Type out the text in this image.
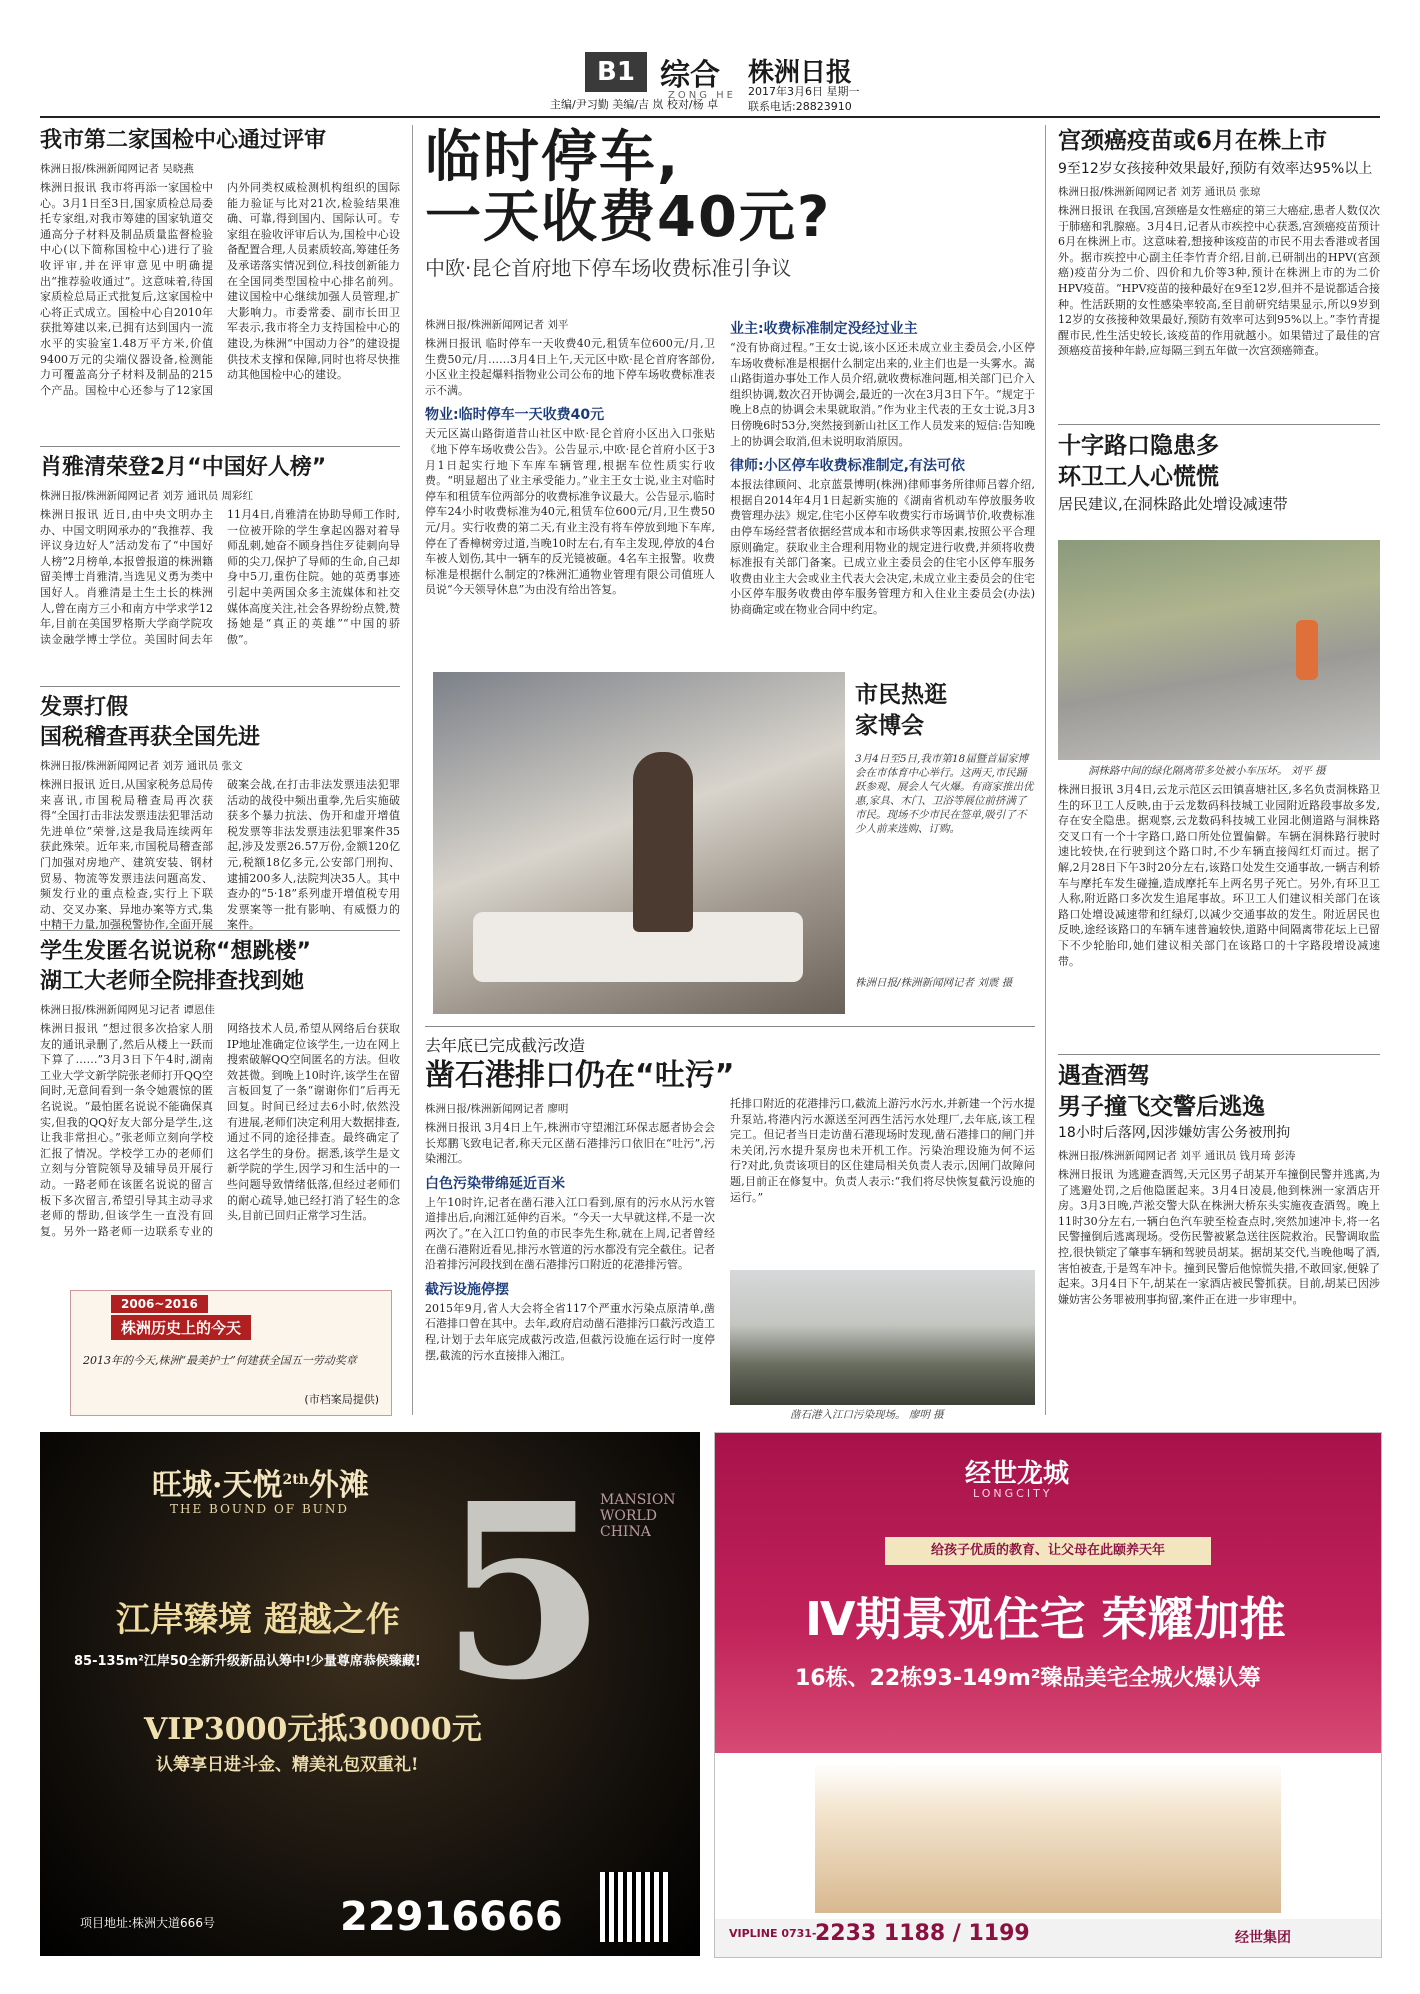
B1 综合
ZONG HE
株洲日报
2017年3月6日 星期一
联系电话:28823910
主编/尹习勤 美编/吉 岚 校对/杨 卓
我市第二家国检中心通过评审
株洲日报/株洲新闻网记者 吴晓燕
株洲日报讯 我市将再添一家国检中心。3月1日至3日,国家质检总局委托专家组,对我市筹建的国家轨道交通高分子材料及制品质量监督检验中心(以下简称国检中心)进行了验收评审,并在评审意见中明确提出“推荐验收通过”。这意味着,待国家质检总局正式批复后,这家国检中心将正式成立。国检中心自2010年获批筹建以来,已拥有达到国内一流水平的实验室1.48万平方米,价值9400万元的尖端仪器设备,检测能力可覆盖高分子材料及制品的215个产品。国检中心还参与了12家国内外同类权威检测机构组织的国际能力验证与比对21次,检验结果准确、可靠,得到国内、国际认可。专家组在验收评审后认为,国检中心设备配置合理,人员素质较高,筹建任务及承诺落实情况到位,科技创新能力在全国同类型国检中心排名前列。建议国检中心继续加强人员管理,扩大影响力。市委常委、副市长田卫军表示,我市将全力支持国检中心的建设,为株洲“中国动力谷”的建设提供技术支撑和保障,同时也将尽快推动其他国检中心的建设。
肖雅清荣登2月“中国好人榜”
株洲日报/株洲新闻网记者 刘芳 通讯员 周彩红
株洲日报讯 近日,由中央文明办主办、中国文明网承办的“我推荐、我评议身边好人”活动发布了“中国好人榜”2月榜单,本报曾报道的株洲籍留美博士肖雅清,当选见义勇为类中国好人。肖雅清是土生土长的株洲人,曾在南方三小和南方中学求学12年,目前在美国罗格斯大学商学院攻读金融学博士学位。美国时间去年11月4日,肖雅清在协助导师工作时,一位被开除的学生拿起凶器对着导师乱刺,她奋不顾身挡住歹徒刺向导师的尖刀,保护了导师的生命,自己却身中5刀,重伤住院。她的英勇事迹引起中美两国众多主流媒体和社交媒体高度关注,社会各界纷纷点赞,赞扬她是“真正的英雄”“中国的骄傲”。
发票打假
国税稽查再获全国先进
株洲日报/株洲新闻网记者 刘芳 通讯员 张文
株洲日报讯 近日,从国家税务总局传来喜讯,市国税局稽查局再次获得“全国打击非法发票违法犯罪活动先进单位”荣誉,这是我局连续两年获此殊荣。近年来,市国税局稽查部门加强对房地产、建筑安装、钢材贸易、物流等发票违法问题高发、频发行业的重点检查,实行上下联动、交叉办案、异地办案等方式,集中精干力量,加强税警协作,全面开展破案会战,在打击非法发票违法犯罪活动的战役中频出重拳,先后实施破获多个暴力抗法、伪开和虚开增值税发票等非法发票违法犯罪案件35起,涉及发票26.57万份,金额120亿元,税额18亿多元,公安部门刑拘、逮捕200多人,法院判决35人。其中查办的“5·18”系列虚开增值税专用发票案等一批有影响、有威慑力的案件。
学生发匿名说说称“想跳楼”
湖工大老师全院排查找到她
株洲日报/株洲新闻网见习记者 谭恩佳
株洲日报讯 “想过很多次拾家人朋友的通讯录删了,然后从楼上一跃而下算了……”3月3日下午4时,湖南工业大学文新学院张老师打开QQ空间时,无意间看到一条令她震惊的匿名说说。“最怕匿名说说不能确保真实,但我的QQ好友大部分是学生,这让我非常担心。”张老师立刻向学校汇报了情况。学校学工办的老师们立刻与分管院领导及辅导员开展行动。一路老师在该匿名说说的留言板下多次留言,希望引导其主动寻求老师的帮助,但该学生一直没有回复。另外一路老师一边联系专业的网络技术人员,希望从网络后台获取IP地址准确定位该学生,一边在网上搜索破解QQ空间匿名的方法。但收效甚微。到晚上10时许,该学生在留言板回复了一条“谢谢你们”后再无回复。时间已经过去6小时,依然没有进展,老师们决定利用大数据排查,通过不同的途径排查。最终确定了这名学生的身份。据悉,该学生是文新学院的学生,因学习和生活中的一些问题导致情绪低落,但经过老师们的耐心疏导,她已经打消了轻生的念头,目前已回归正常学习生活。
2006~2016
株洲历史上的今天
2013年的今天,株洲“最美护士”何建获全国五一劳动奖章
(市档案局提供)
临时停车,
一天收费40元?
中欧·昆仑首府地下停车场收费标准引争议
株洲日报/株洲新闻网记者 刘平
株洲日报讯 临时停车一天收费40元,租赁车位600元/月,卫生费50元/月……3月4日上午,天元区中欧·昆仑首府客部份,小区业主投起爆料指物业公司公布的地下停车场收费标准表示不满。
物业:临时停车一天收费40元
天元区嵩山路街道昔山社区中欧·昆仑首府小区出入口张贴《地下停车场收费公告》。公告显示,中欧·昆仑首府小区于3月1日起实行地下车库车辆管理,根据车位性质实行收费。“明显超出了业主承受能力。”业主王女士说,业主对临时停车和租赁车位两部分的收费标准争议最大。公告显示,临时停车24小时收费标准为40元,租赁车位600元/月,卫生费50元/月。实行收费的第二天,有业主没有将车停放到地下车库,停在了香樟树旁过道,当晚10时左右,有车主发现,停放的4台车被人划伤,其中一辆车的反光镜被砸。4名车主报警。收费标准是根据什么制定的?株洲汇通物业管理有限公司值班人员说“今天领导休息”为由没有给出答复。
业主:收费标准制定没经过业主
“没有协商过程。”王女士说,该小区还未成立业主委员会,小区停车场收费标准是根据什么制定出来的,业主们也是一头雾水。嵩山路街道办事处工作人员介绍,就收费标准问题,相关部门已介入组织协调,数次召开协调会,最近的一次在3月3日下午。“规定于晚上8点的协调会未果就取消。”作为业主代表的王女士说,3月3日傍晚6时53分,突然接到新山社区工作人员发来的短信:告知晚上的协调会取消,但未说明取消原因。
律师:小区停车收费标准制定,有法可依
本报法律顾问、北京蓝景博明(株洲)律师事务所律师吕蓉介绍,根据自2014年4月1日起新实施的《湖南省机动车停放服务收费管理办法》规定,住宅小区停车收费实行市场调节价,收费标准由停车场经营者依据经营成本和市场供求等因素,按照公平合理原则确定。获取业主合理利用物业的规定进行收费,并须将收费标准报有关部门备案。已成立业主委员会的住宅小区停车服务收费由业主大会或业主代表大会决定,未成立业主委员会的住宅小区停车服务收费由停车服务管理方和入住业主委员会(办法)协商确定或在物业合同中约定。
市民热逛
家博会
3月4日至5日,我市第18届暨首届家博会在市体育中心举行。这两天,市民踊跃参观、展会人气火爆。有商家推出优惠,家具、木门、卫浴等展位前挤满了市民。现场不少市民在签单,吸引了不少人前来选购、订购。
株洲日报/株洲新闻网记者 刘震 摄
去年底已完成截污改造
凿石港排口仍在“吐污”
株洲日报/株洲新闻网记者 廖明
株洲日报讯 3月4日上午,株洲市守望湘江环保志愿者协会会长郑鹏飞致电记者,称天元区凿石港排污口依旧在“吐污”,污染湘江。
白色污染带绵延近百米
上午10时许,记者在凿石港入江口看到,原有的污水从污水管道排出后,向湘江延伸约百米。“今天一大早就这样,不是一次两次了。”在入江口钓鱼的市民李先生称,就在上周,记者曾经在凿石港附近看见,排污水管道的污水都没有完全截住。记者沿着排污河段找到在凿石港排污口附近的花港排污管。
截污设施停摆
2015年9月,省人大会将全省117个严重水污染点原清单,凿石港排口曾在其中。去年,政府启动凿石港排污口截污改造工程,计划于去年底完成截污改造,但截污设施在运行时一度停摆,截流的污水直接排入湘江。
托排口附近的花港排污口,截流上游污水污水,并新建一个污水提升泵站,将港内污水源送至河西生活污水处理厂,去年底,该工程完工。但记者当日走访凿石港现场时发现,凿石港排口的闸门并未关闭,污水提升泵房也未开机工作。污染治理设施为何不运行?对此,负责该项目的区住建局相关负责人表示,因闸门故障问题,目前正在修复中。负责人表示:“我们将尽快恢复截污设施的运行。”
凿石港入江口污染现场。 廖明 摄
宫颈癌疫苗或6月在株上市
9至12岁女孩接种效果最好,预防有效率达95%以上
株洲日报/株洲新闻网记者 刘芳 通讯员 张琼
株洲日报讯 在我国,宫颈癌是女性癌症的第三大癌症,患者人数仅次于肺癌和乳腺癌。3月4日,记者从市疾控中心获悉,宫颈癌疫苗预计6月在株洲上市。这意味着,想接种该疫苗的市民不用去香港或者国外。据市疾控中心副主任李竹青介绍,目前,已研制出的HPV(宫颈癌)疫苗分为二价、四价和九价等3种,预计在株洲上市的为二价HPV疫苗。“HPV疫苗的接种最好在9至12岁,但并不是说都适合接种。性活跃期的女性感染率较高,至目前研究结果显示,所以9岁到12岁的女孩接种效果最好,预防有效率可达到95%以上。”李竹青提醒市民,性生活史较长,该疫苗的作用就越小。如果错过了最佳的宫颈癌疫苗接种年龄,应每隔三到五年做一次宫颈癌筛查。
十字路口隐患多
环卫工人心慌慌
居民建议,在洞株路此处增设减速带
洞株路中间的绿化隔离带多处被小车压坏。 刘平 摄
株洲日报讯 3月4日,云龙示范区云田镇喜塘社区,多名负责洞株路卫生的环卫工人反映,由于云龙数码科技城工业园附近路段事故多发,存在安全隐患。据观察,云龙数码科技城工业园北侧道路与洞株路交叉口有一个十字路口,路口所处位置偏僻。车辆在洞株路行驶时速比较快,在行驶到这个路口时,不少车辆直接闯红灯而过。据了解,2月28日下午3时20分左右,该路口处发生交通事故,一辆吉利轿车与摩托车发生碰撞,造成摩托车上两名男子死亡。另外,有环卫工人称,附近路口多次发生追尾事故。环卫工人们建议相关部门在该路口处增设减速带和红绿灯,以减少交通事故的发生。附近居民也反映,途经该路口的车辆车速普遍较快,道路中间隔离带花坛上已留下不少轮胎印,她们建议相关部门在该路口的十字路段增设减速带。
遇查酒驾
男子撞飞交警后逃逸
18小时后落网,因涉嫌妨害公务被刑拘
株洲日报/株洲新闻网记者 刘平 通讯员 钱月琦 彭涛
株洲日报讯 为逃避查酒驾,天元区男子胡某开车撞倒民警并逃离,为了逃避处罚,之后他隐匿起来。3月4日凌晨,他到株洲一家酒店开房。3月3日晚,芦淞交警大队在株洲大桥东头实施夜查酒驾。晚上11时30分左右,一辆白色汽车驶至检查点时,突然加速冲卡,将一名民警撞倒后逃离现场。受伤民警被紧急送往医院救治。民警调取监控,很快锁定了肇事车辆和驾驶员胡某。据胡某交代,当晚他喝了酒,害怕被查,于是驾车冲卡。撞到民警后他惊慌失措,不敢回家,便躲了起来。3月4日下午,胡某在一家酒店被民警抓获。目前,胡某已因涉嫌妨害公务罪被刑事拘留,案件正在进一步审理中。
旺城·天悦$^{2th}$外滩
THE BOUND OF BUND 5
MANSION WORLD CHINA
江岸臻境 超越之作
85-135m²江岸50全新升级新品认筹中!少量尊席恭候臻藏!
VIP3000元抵30000元
认筹享日进斗金、精美礼包双重礼!
项目地址:株洲大道666号	22916666
经世龙城
LONGCITY
给孩子优质的教育、让父母在此颐养天年
Ⅳ期景观住宅 荣耀加推
16栋、22栋93-149m²臻品美宅全城火爆认筹
VIPLINE 0731-
2233 1188 / 1199	经世集团
